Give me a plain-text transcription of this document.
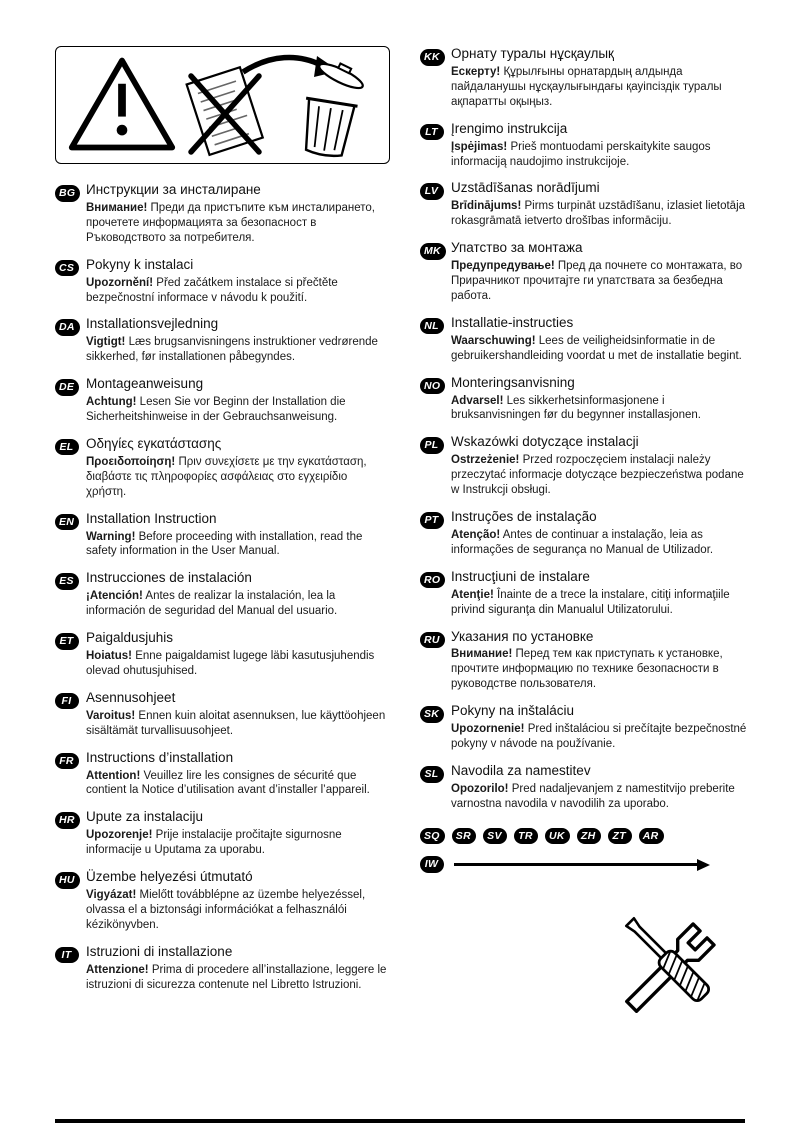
BG Инструкции за инсталиране
Внимание! Преди да пристъпите към инсталирането, прочетете информацията за безопасност в Ръководството за потребителя.
CS Pokyny k instalaci
Upozornění! Před začátkem instalace si přečtěte bezpečnostní informace v návodu k použití.
DA Installationsvejledning
Vigtigt! Læs brugsanvisningens instruktioner vedrørende sikkerhed, før installationen påbegyndes.
DE Montageanweisung
Achtung! Lesen Sie vor Beginn der Installation die Sicherheitshinweise in der Gebrauchsanweisung.
EL Οδηγίες εγκατάστασης
Προειδοποίηση! Πριν συνεχίσετε με την εγκατάσταση, διαβάστε τις πληροφορίες ασφάλειας στο εγχειρίδιο χρήστη.
EN Installation Instruction
Warning! Before proceeding with installation, read the safety information in the User Manual.
ES Instrucciones de instalación
¡Atención! Antes de realizar la instalación, lea la información de seguridad del Manual del usuario.
ET Paigaldusjuhis
Hoiatus! Enne paigaldamist lugege läbi kasutusjuhendis olevad ohutusjuhised.
FI	Asennusohjeet
Varoitus! Ennen kuin aloitat asennuksen, lue käyttöohjeen sisältämät turvallisuusohjeet.
FR Instructions d’installation
Attention! Veuillez lire les consignes de sécurité que contient la Notice d’utilisation avant d’installer l’appareil.
HR Upute za instalaciju
Upozorenje! Prije instalacije pročitajte sigurnosne informacije u Uputama za uporabu.
HU Üzembe helyezési útmutató
Vigyázat! Mielőtt továbblépne az üzembe helyezéssel, olvassa el a biztonsági információkat a felhasználói kézikönyvben.
IT	Istruzioni di installazione
Attenzione! Prima di procedere all’installazione, leggere le istruzioni di sicurezza contenute nel Libretto Istruzioni.
KK Орнату туралы нұсқаулық
Ескерту! Құрылғыны орнатардың алдында пайдаланушы нұсқаулығындағы қауіпсіздік туралы ақпаратты оқыңыз.
LT Įrengimo instrukcija
Įspėjimas! Prieš montuodami perskaitykite saugos informaciją naudojimo instrukcijoje.
LV Uzstādīšanas norādījumi
Brīdinājums! Pirms turpināt uzstādīšanu, izlasiet lietotāja rokasgrāmatā ietverto drošības informāciju.
MK Упатство за монтажа
Предупредување! Пред да почнете со монтажата, во Прирачникот прочитајте ги упатствата за безбедна работа.
NL Installatie-instructies
Waarschuwing! Lees de veiligheidsinformatie in de gebruikershandleiding voordat u met de installatie begint.
NO Monteringsanvisning
Advarsel! Les sikkerhetsinformasjonene i bruksanvisningen før du begynner installasjonen.
PL Wskazówki dotyczące instalacji
Ostrzeżenie! Przed rozpoczęciem instalacji należy przeczytać informacje dotyczące bezpieczeństwa podane w Instrukcji obsługi.
PT Instruções de instalação
Atenção! Antes de continuar a instalação, leia as informações de segurança no Manual de Utilizador.
RO Instrucţiuni de instalare
Atenţie! Înainte de a trece la instalare, citiţi informaţiile privind siguranţa din Manualul Utilizatorului.
RU Указания по установке
Внимание! Перед тем как приступать к установке, прочтите информацию по технике безопасности в руководстве пользователя.
SK Pokyny na inštaláciu
Upozornenie! Pred inštaláciou si prečítajte bezpečnostné pokyny v návode na používanie.
SL Navodila za namestitev
Opozorilo! Pred nadaljevanjem z namestitvijo preberite varnostna navodila v navodilih za uporabo.
SQ	SR	SV	TR	UK	ZH	ZT	AR
IW
